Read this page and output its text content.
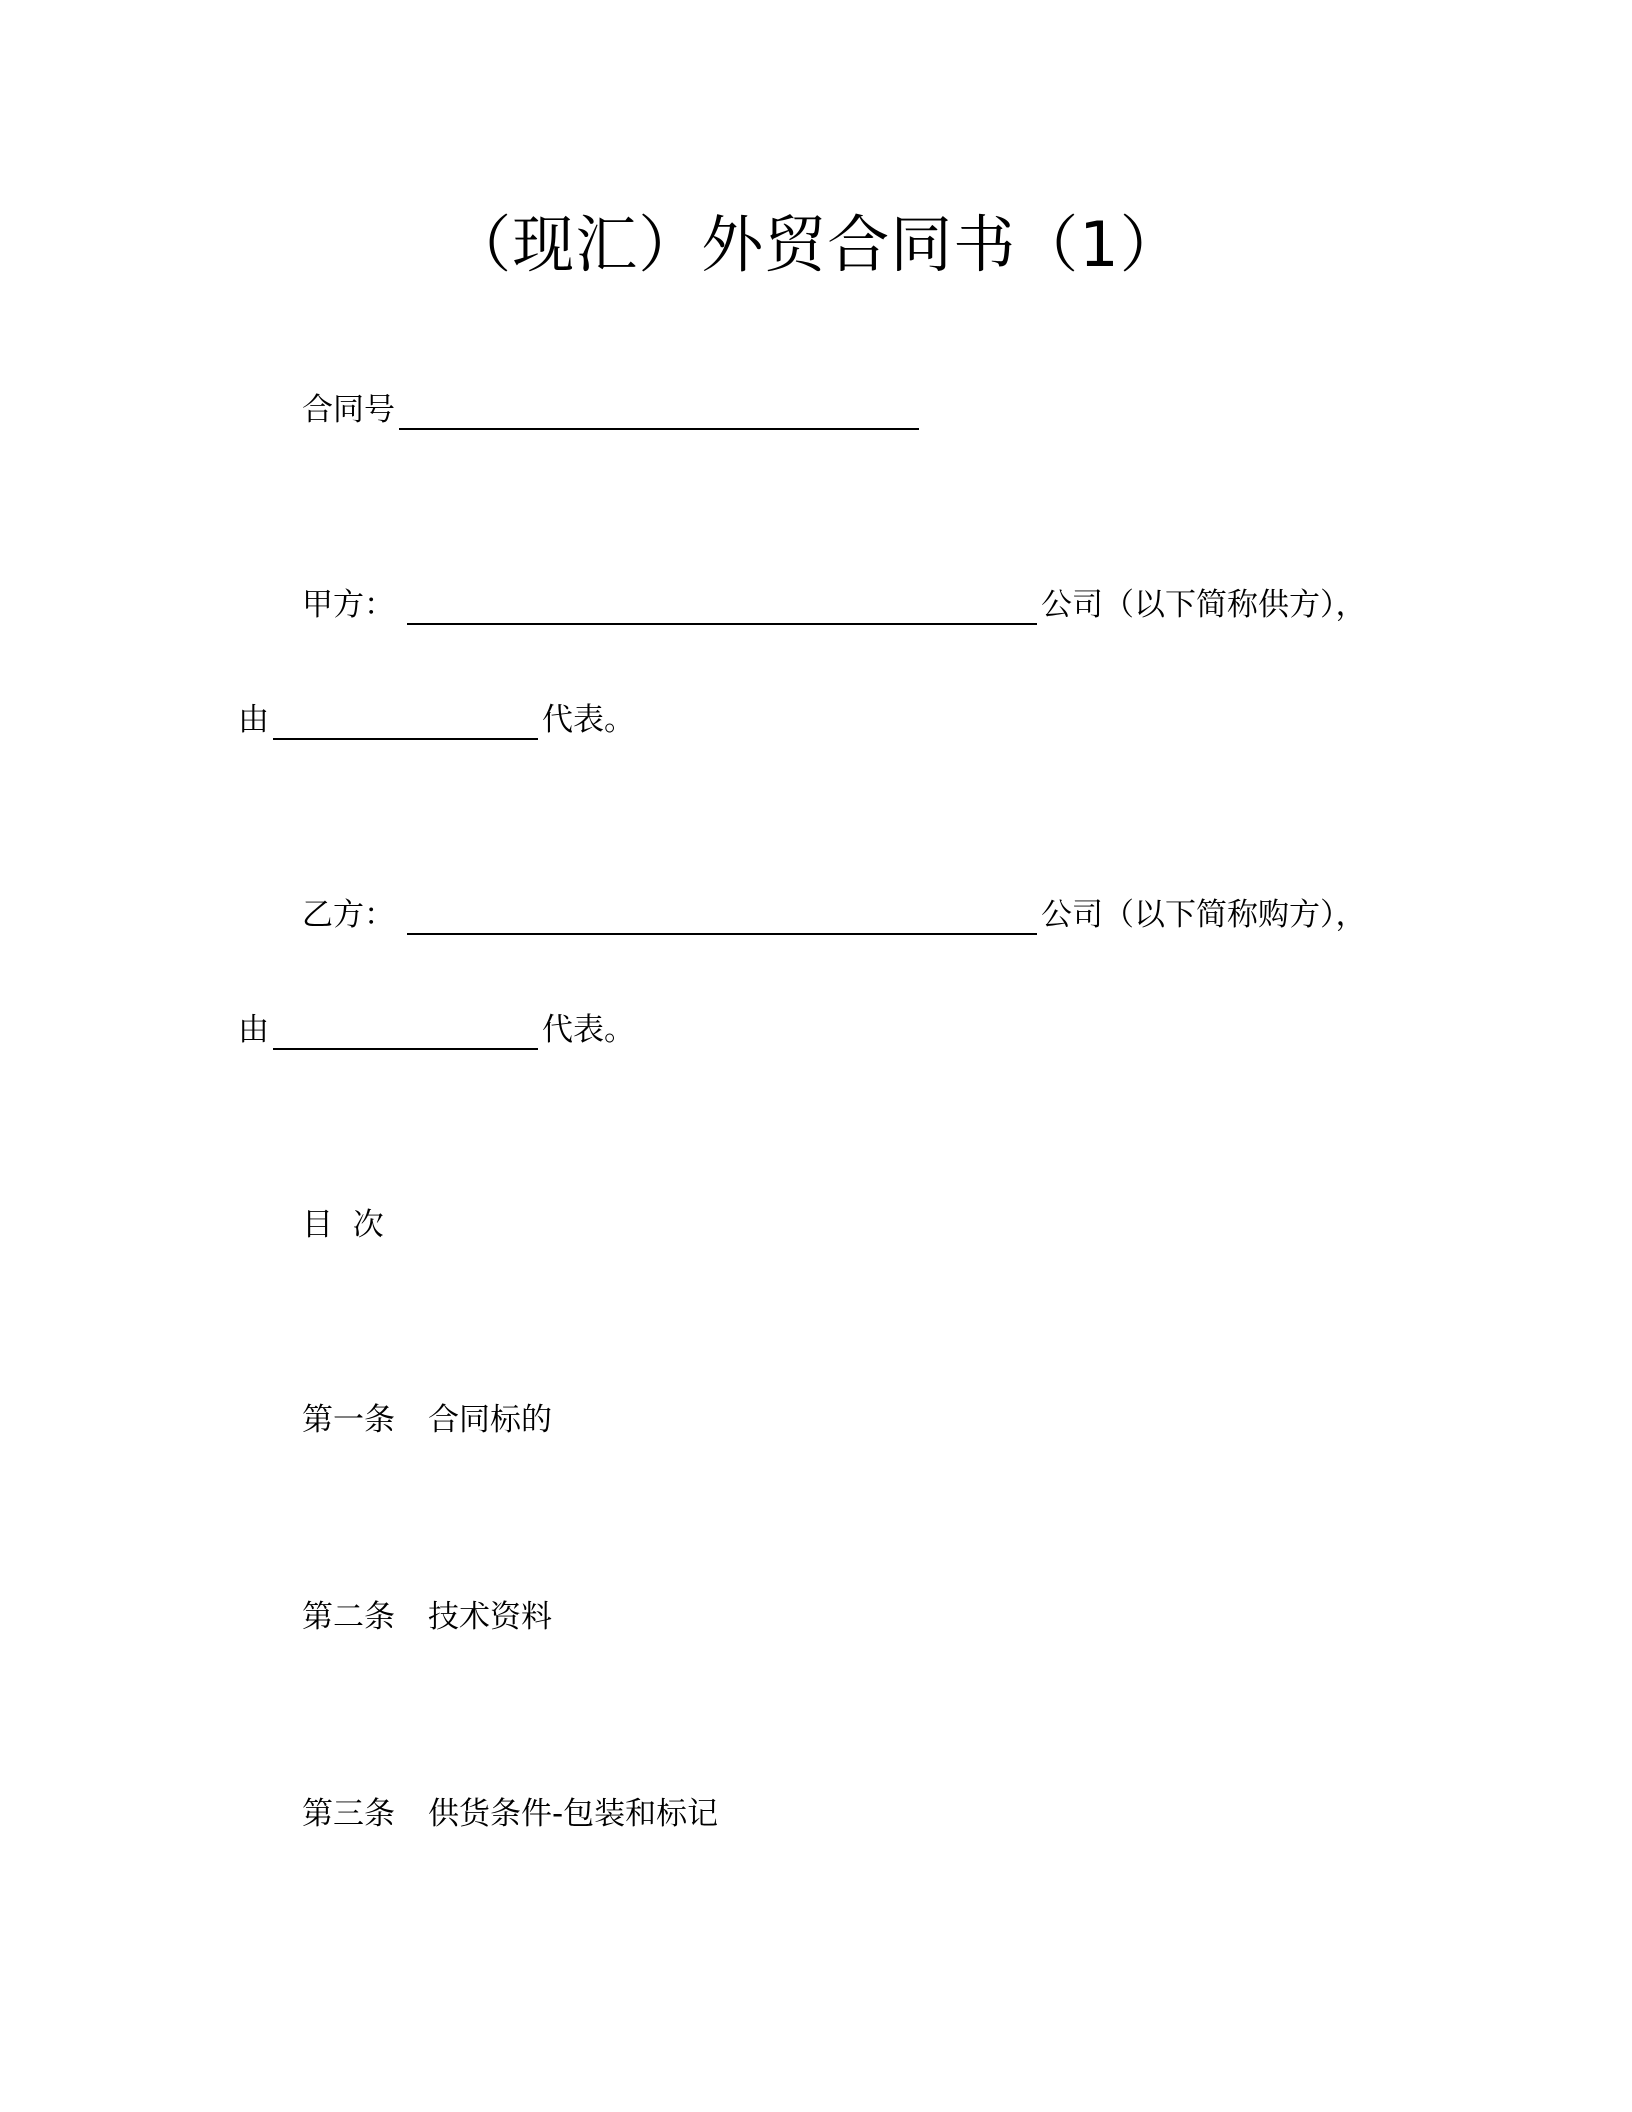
（现汇）外贸合同书（1）
合同号
甲方：	公司（以下简称供方），
由	代表。
乙方：	公司（以下简称购方），
由	代表。
目  次
第一条	合同标的
第二条	技术资料
第三条	供货条件-包装和标记
